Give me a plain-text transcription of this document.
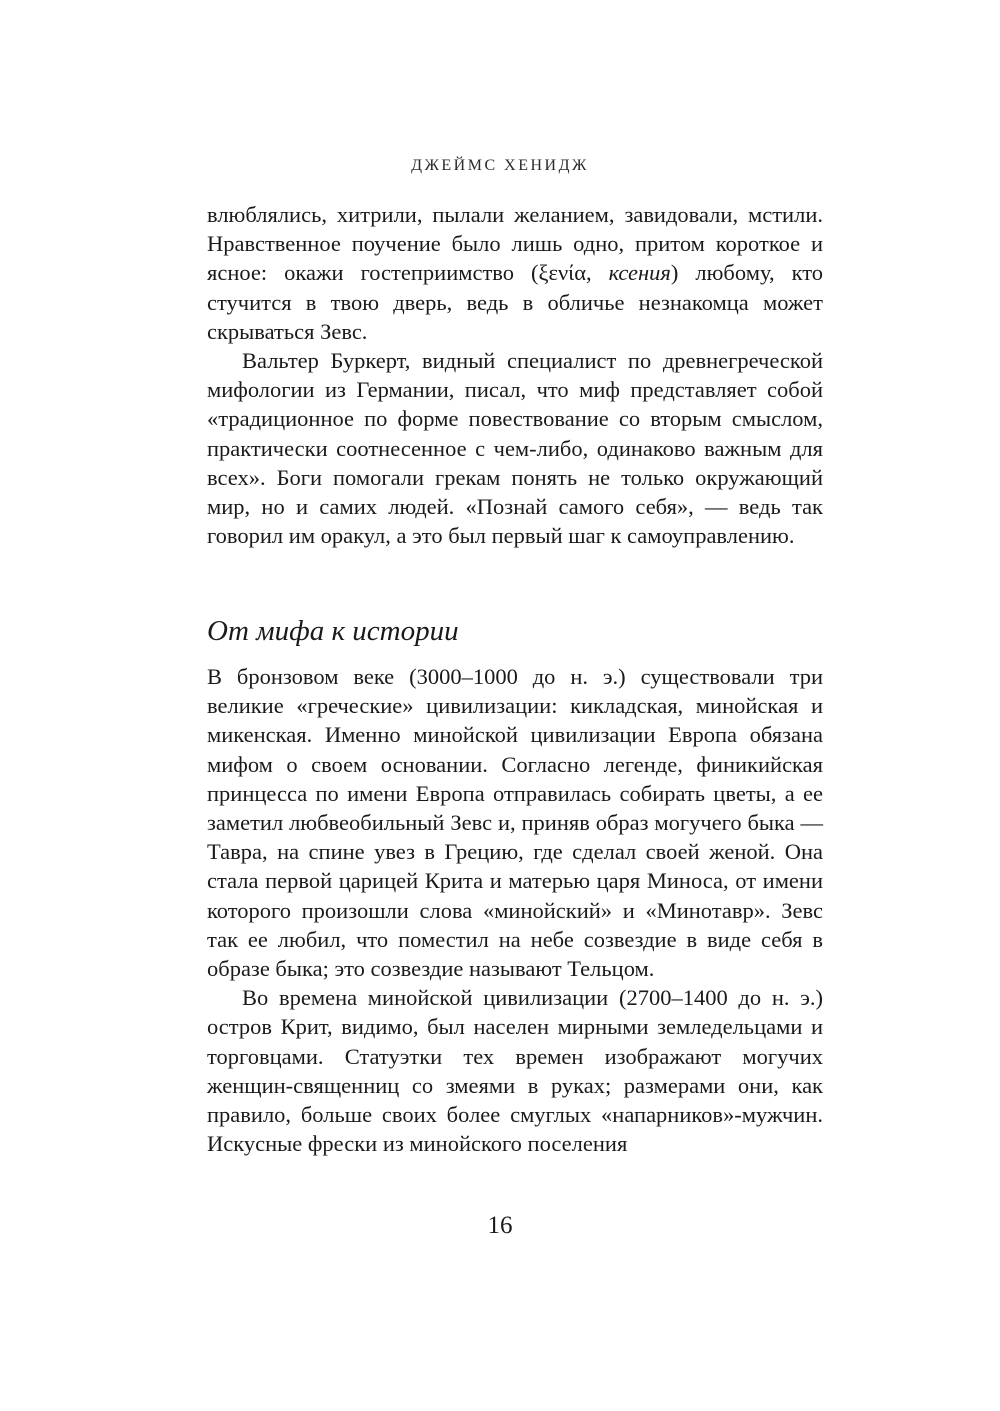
ДЖЕЙМС ХЕНИДЖ

влюблялись, хитрили, пылали желанием, завидовали, мстили. Нравственное поучение было лишь одно, притом короткое и ясное: окажи гостеприимство (ξενία, ксения) любому, кто стучится в твою дверь, ведь в обличье незнакомца может скрываться Зевс.

Вальтер Буркерт, видный специалист по древнегреческой мифологии из Германии, писал, что миф представляет собой «традиционное по форме повествование со вторым смыслом, практически соотнесенное с чем-либо, одинаково важным для всех». Боги помогали грекам понять не только окружающий мир, но и самих людей. «Познай самого себя», — ведь так говорил им оракул, а это был первый шаг к самоуправлению.

От мифа к истории

В бронзовом веке (3000–1000 до н. э.) существовали три великие «греческие» цивилизации: кикладская, минойская и микенская. Именно минойской цивилизации Европа обязана мифом о своем основании. Согласно легенде, финикийская принцесса по имени Европа отправилась собирать цветы, а ее заметил любвеобильный Зевс и, приняв образ могучего быка — Тавра, на спине увез в Грецию, где сделал своей женой. Она стала первой царицей Крита и матерью царя Миноса, от имени которого произошли слова «минойский» и «Минотавр». Зевс так ее любил, что поместил на небе созвездие в виде себя в образе быка; это созвездие называют Тельцом.

Во времена минойской цивилизации (2700–1400 до н. э.) остров Крит, видимо, был населен мирными земледельцами и торговцами. Статуэтки тех времен изображают могучих женщин-священниц со змеями в руках; размерами они, как правило, больше своих более смуглых «напарников»-мужчин. Искусные фрески из минойского поселения

16
